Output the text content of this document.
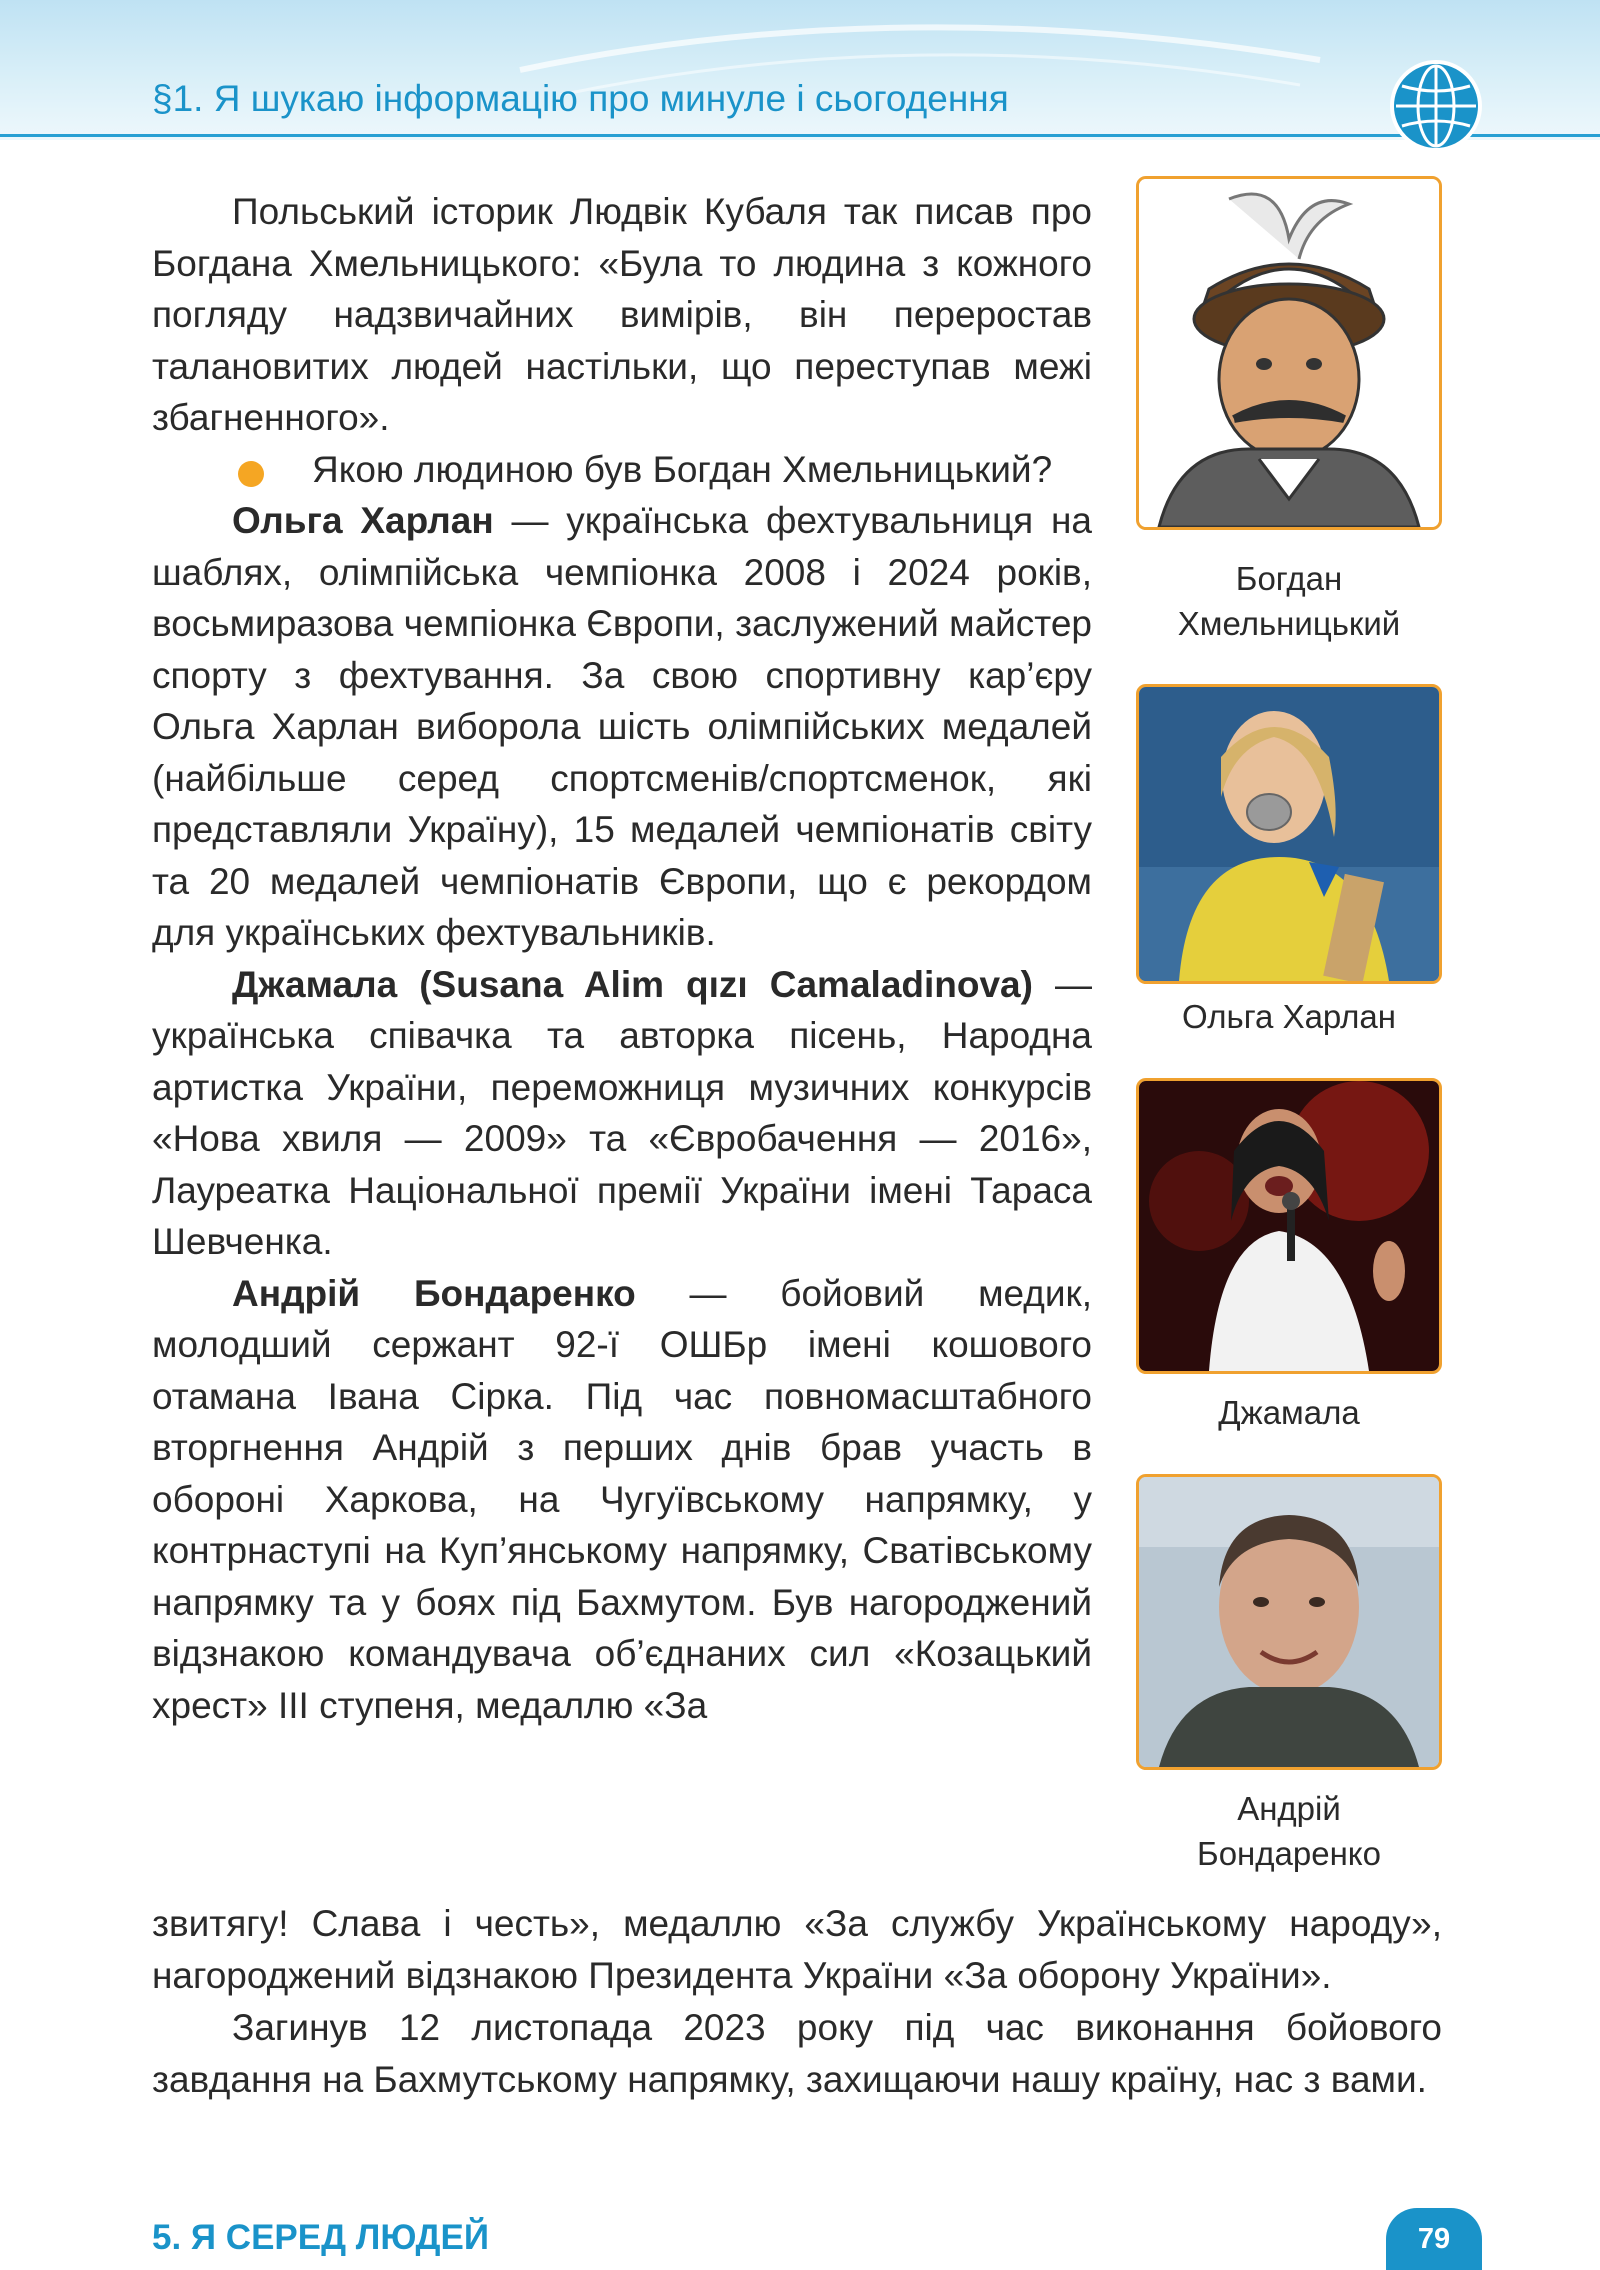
§1. Я шукаю інформацію про минуле і сьогодення

Польський історик Людвік Кубаля так писав про Богдана Хмельницького: «Була то людина з кожного погляду надзвичайних вимірів, він переростав талановитих людей настільки, що переступав межі збагненного».

Якою людиною був Богдан Хмельницький?

Ольга Харлан — українська фехтувальниця на шаблях, олімпійська чемпіонка 2008 і 2024 років, восьмиразова чемпіонка Європи, заслужений майстер спорту з фехтування. За свою спортивну кар’єру Ольга Харлан виборола шість олімпійських медалей (найбільше серед спортсменів/спортсменок, які представляли Україну), 15 медалей чемпіонатів світу та 20 медалей чемпіонатів Європи, що є рекордом для українських фехтувальників.

Джамала (Susana Alim qızı Camaladinova) — українська співачка та авторка пісень, Народна артистка України, переможниця музичних конкурсів «Нова хвиля — 2009» та «Євробачення — 2016», Лауреатка Національної премії України імені Тараса Шевченка.

Андрій Бондаренко — бойовий медик, молодший сержант 92-ї ОШБр імені кошового отамана Івана Сірка. Під час повномасштабного вторгнення Андрій з перших днів брав участь в обороні Харкова, на Чугуївському напрямку, у контрнаступі на Куп’янському напрямку, Сватівському напрямку та у боях під Бахмутом. Був нагороджений відзнакою командувача об’єднаних сил «Козацький хрест» III ступеня, медаллю «За

звитягу! Слава і честь», медаллю «За службу Українському народу», нагороджений відзнакою Президента України «За оборону України».

Загинув 12 листопада 2023 року під час виконання бойового завдання на Бахмутському напрямку, захищаючи нашу країну, нас з вами.

Богдан
Хмельницький
Ольга Харлан
Джамала
Андрій
Бондаренко
5. Я СЕРЕД ЛЮДЕЙ	79
